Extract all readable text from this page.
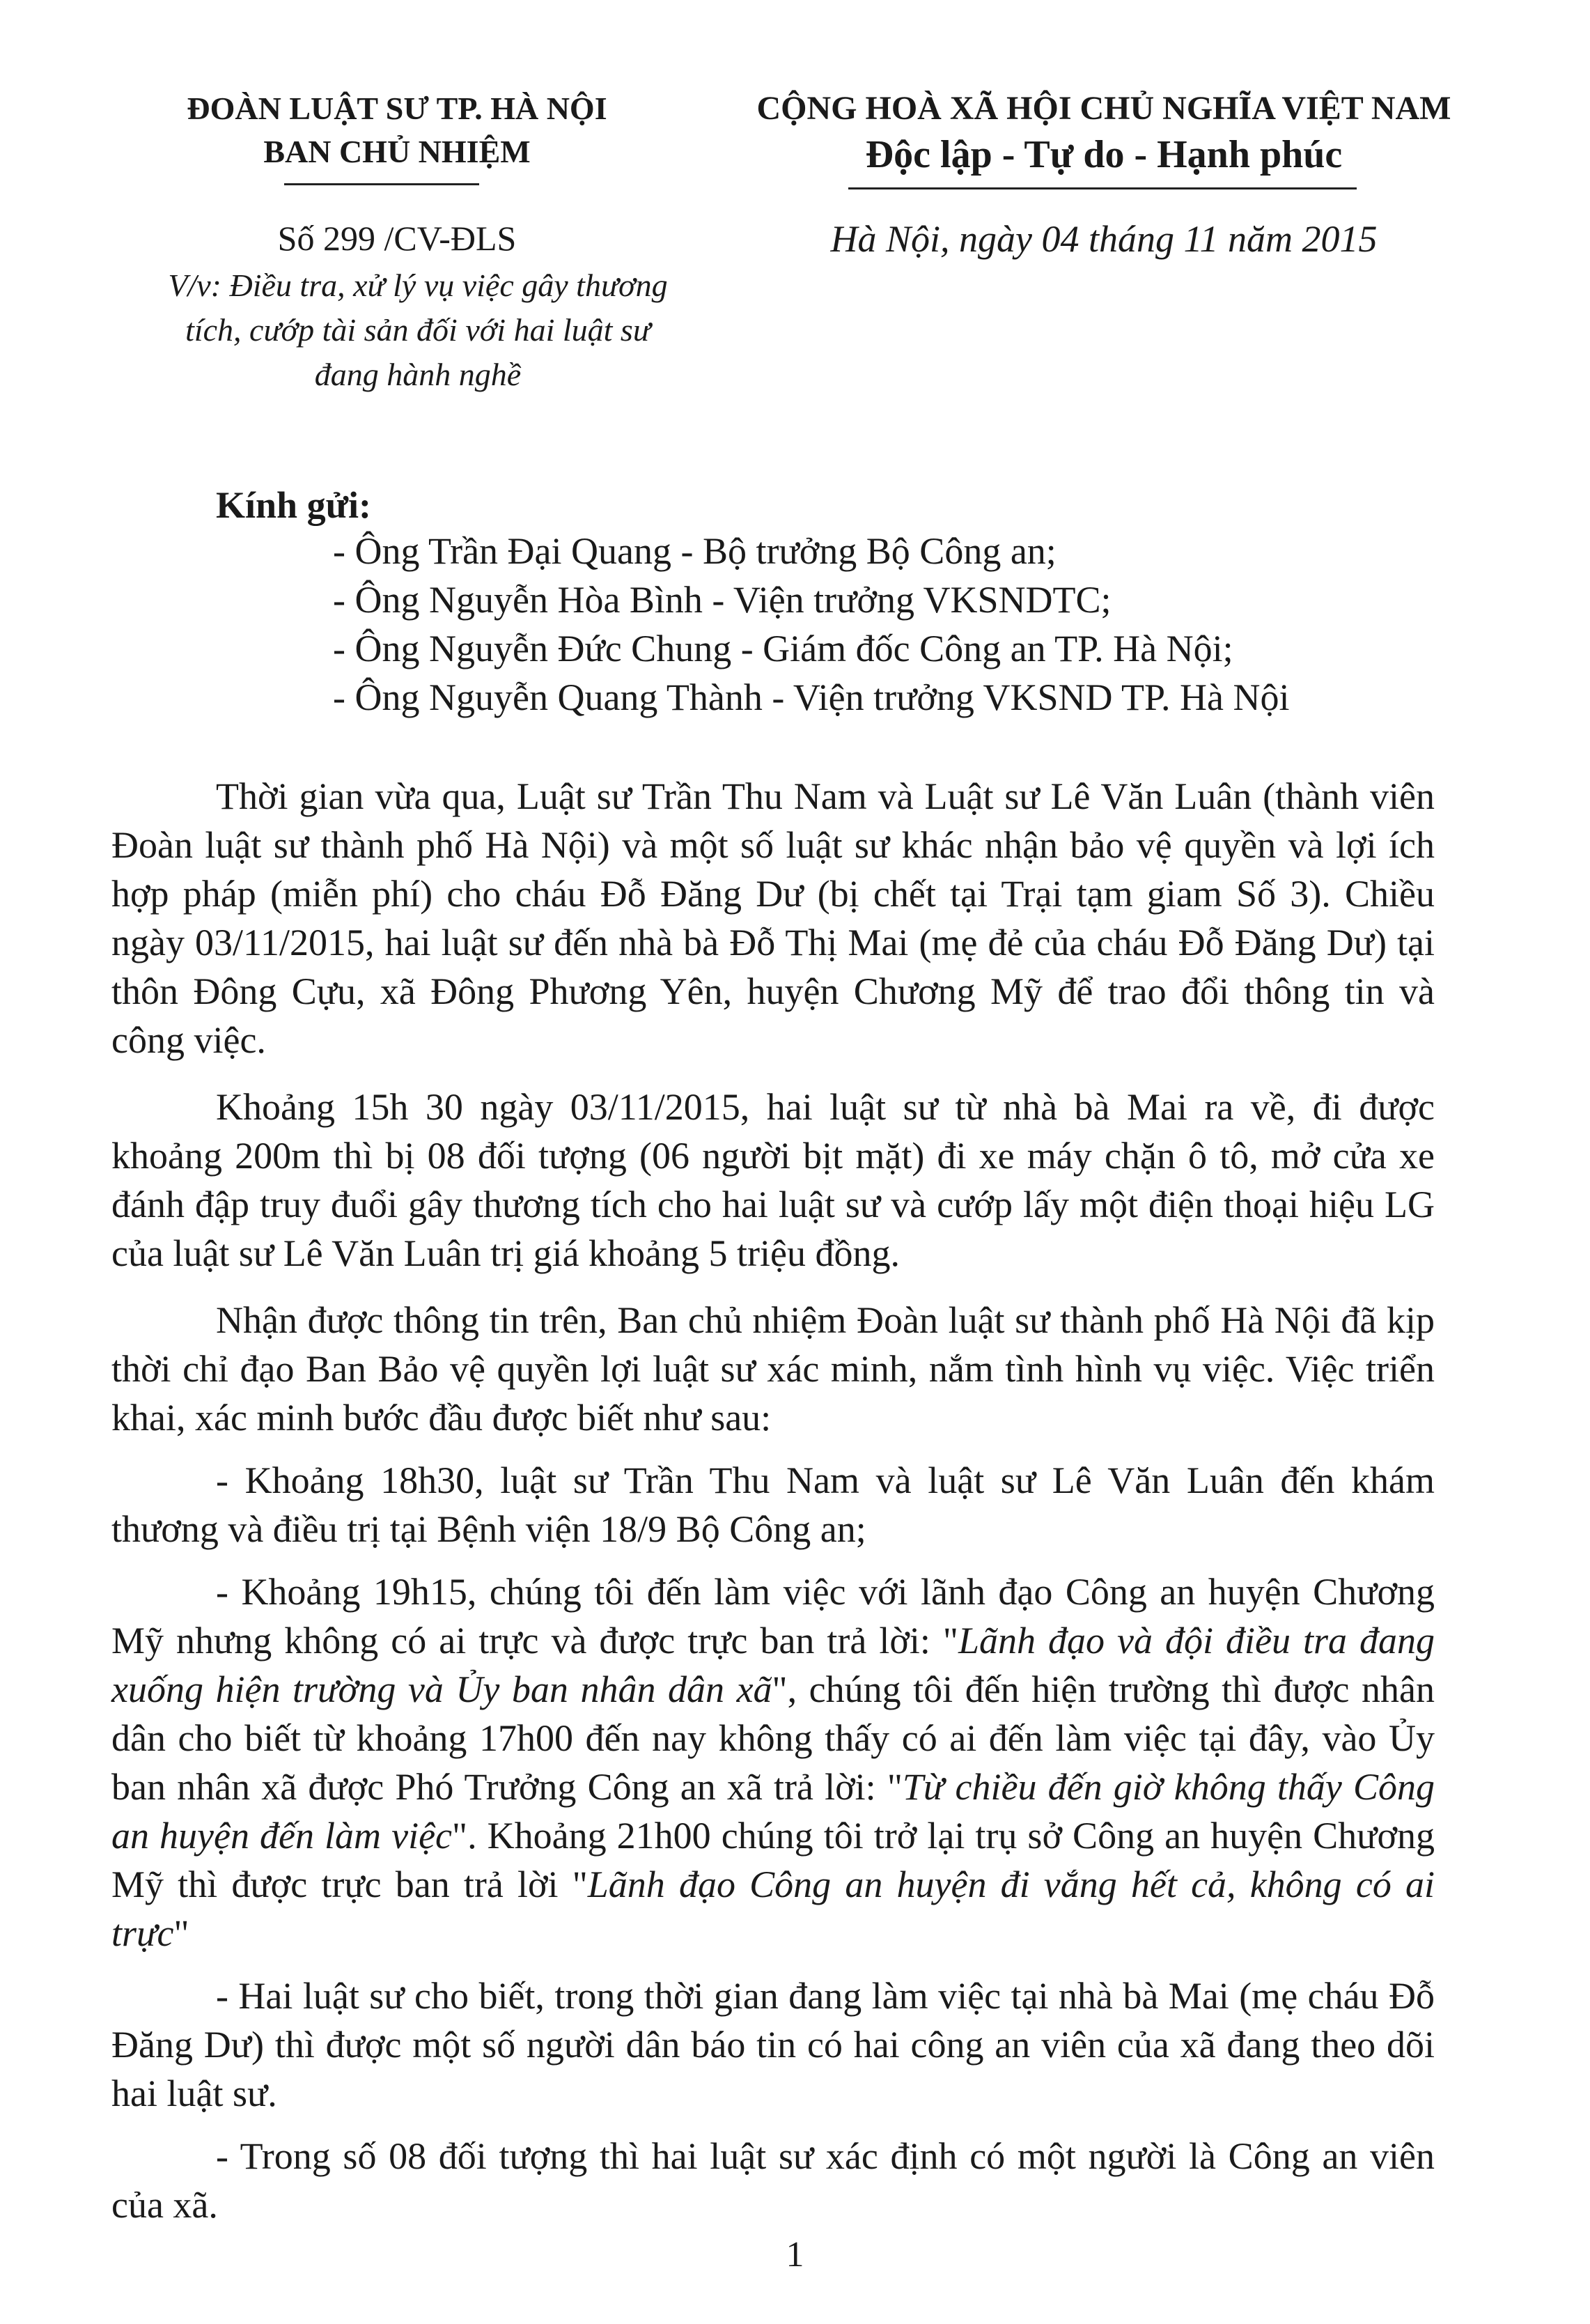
ĐOÀN LUẬT SƯ TP. HÀ NỘI
BAN CHỦ NHIỆM
CỘNG HOÀ XÃ HỘI CHỦ NGHĨA VIỆT NAM
Độc lập - Tự do - Hạnh phúc
Số 299 /CV-ĐLS
V/v: Điều tra, xử lý vụ việc gây thương tích, cướp tài sản đối với hai luật sư đang hành nghề
Hà Nội, ngày 04 tháng 11 năm 2015
Kính gửi:
- Ông Trần Đại Quang - Bộ trưởng Bộ Công an;
- Ông Nguyễn Hòa Bình - Viện trưởng VKSNDTC;
- Ông Nguyễn Đức Chung - Giám đốc Công an TP. Hà Nội;
- Ông Nguyễn Quang Thành - Viện trưởng VKSND TP. Hà Nội

Thời gian vừa qua, Luật sư Trần Thu Nam và Luật sư Lê Văn Luân (thành viên Đoàn luật sư thành phố Hà Nội) và một số luật sư khác nhận bảo vệ quyền và lợi ích hợp pháp (miễn phí) cho cháu Đỗ Đăng Dư (bị chết tại Trại tạm giam Số 3). Chiều ngày 03/11/2015, hai luật sư đến nhà bà Đỗ Thị Mai (mẹ đẻ của cháu Đỗ Đăng Dư) tại thôn Đông Cựu, xã Đông Phương Yên, huyện Chương Mỹ để trao đổi thông tin và công việc.

Khoảng 15h 30 ngày 03/11/2015, hai luật sư từ nhà bà Mai ra về, đi được khoảng 200m thì bị 08 đối tượng (06 người bịt mặt) đi xe máy chặn ô tô, mở cửa xe đánh đập truy đuổi gây thương tích cho hai luật sư và cướp lấy một điện thoại hiệu LG của luật sư Lê Văn Luân trị giá khoảng 5 triệu đồng.

Nhận được thông tin trên, Ban chủ nhiệm Đoàn luật sư thành phố Hà Nội đã kịp thời chỉ đạo Ban Bảo vệ quyền lợi luật sư xác minh, nắm tình hình vụ việc. Việc triển khai, xác minh bước đầu được biết như sau:

- Khoảng 18h30, luật sư Trần Thu Nam và luật sư Lê Văn Luân đến khám thương và điều trị tại Bệnh viện 18/9 Bộ Công an;

- Khoảng 19h15, chúng tôi đến làm việc với lãnh đạo Công an huyện Chương Mỹ nhưng không có ai trực và được trực ban trả lời: "Lãnh đạo và đội điều tra đang xuống hiện trường và Ủy ban nhân dân xã", chúng tôi đến hiện trường thì được nhân dân cho biết từ khoảng 17h00 đến nay không thấy có ai đến làm việc tại đây, vào Ủy ban nhân xã được Phó Trưởng Công an xã trả lời: "Từ chiều đến giờ không thấy Công an huyện đến làm việc". Khoảng 21h00 chúng tôi trở lại trụ sở Công an huyện Chương Mỹ thì được trực ban trả lời "Lãnh đạo Công an huyện đi vắng hết cả, không có ai trực"

- Hai luật sư cho biết, trong thời gian đang làm việc tại nhà bà Mai (mẹ cháu Đỗ Đăng Dư) thì được một số người dân báo tin có hai công an viên của xã đang theo dõi hai luật sư.

- Trong số 08 đối tượng thì hai luật sư xác định có một người là Công an viên của xã.

1
